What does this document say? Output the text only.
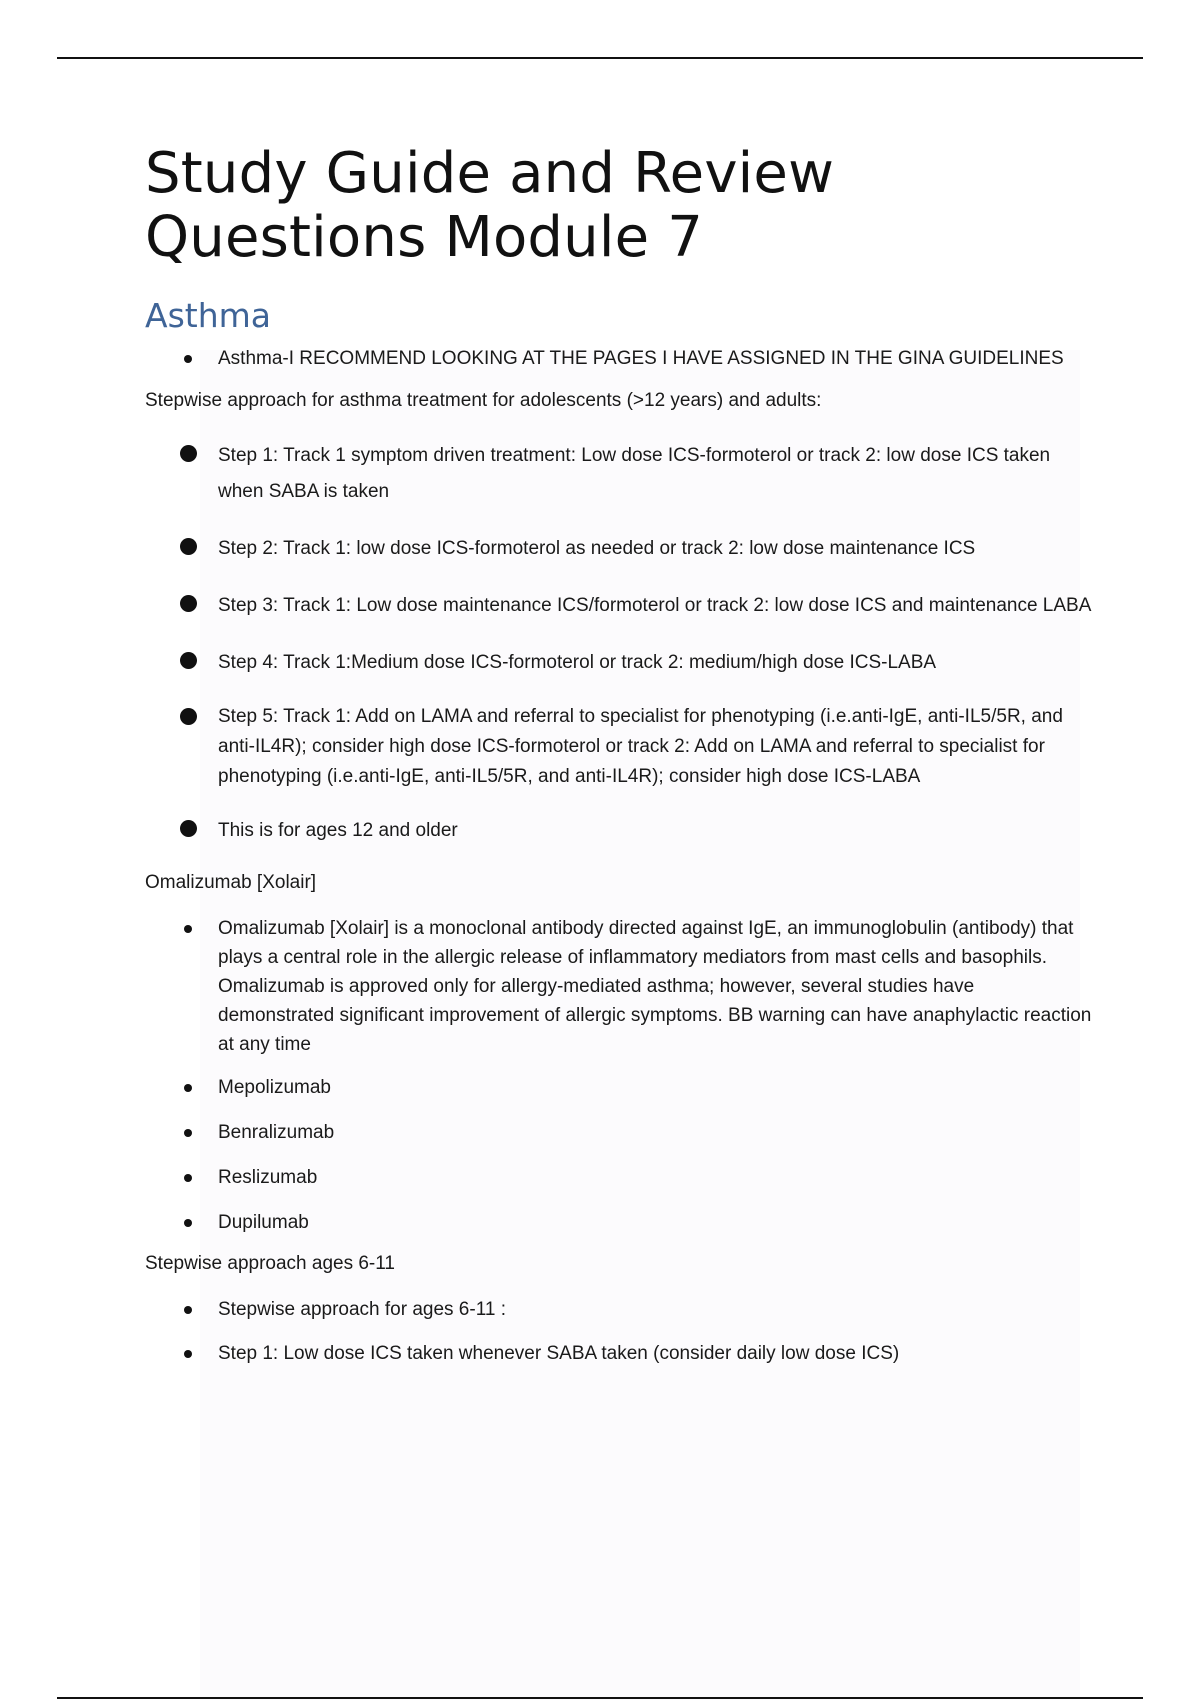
Study Guide and Review Questions Module 7
Asthma
Asthma-I RECOMMEND LOOKING AT THE PAGES I HAVE ASSIGNED IN THE GINA GUIDELINES

Stepwise approach for asthma treatment for adolescents (>12 years) and adults:

Step 1: Track 1 symptom driven treatment: Low dose ICS-formoterol or track 2: low dose ICS taken when SABA is taken
Step 2: Track 1: low dose ICS-formoterol as needed or track 2: low dose maintenance ICS
Step 3: Track 1: Low dose maintenance ICS/formoterol or track 2: low dose ICS and maintenance LABA
Step 4: Track 1:Medium dose ICS-formoterol or track 2: medium/high dose ICS-LABA
Step 5: Track 1: Add on LAMA and referral to specialist for phenotyping (i.e.anti-IgE, anti-IL5/5R, and anti-IL4R); consider high dose ICS-formoterol or track 2: Add on LAMA and referral to specialist for phenotyping (i.e.anti-IgE, anti-IL5/5R, and anti-IL4R); consider high dose ICS-LABA
This is for ages 12 and older

Omalizumab [Xolair]

Omalizumab [Xolair] is a monoclonal antibody directed against IgE, an immunoglobulin (antibody) that plays a central role in the allergic release of inflammatory mediators from mast cells and basophils. Omalizumab is approved only for allergy-mediated asthma; however, several studies have demonstrated significant improvement of allergic symptoms. BB warning can have anaphylactic reaction at any time
Mepolizumab
Benralizumab
Reslizumab
Dupilumab

Stepwise approach ages 6-11

Stepwise approach for ages 6-11 :
Step 1: Low dose ICS taken whenever SABA taken (consider daily low dose ICS)
